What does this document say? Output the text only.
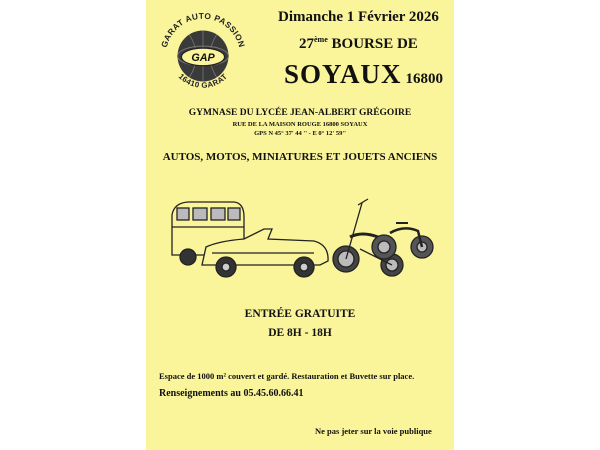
GAP
GARAT AUTO PASSION
16410 GARAT
Dimanche 1 Février 2026
27ème BOURSE DE
SOYAUX 16800
GYMNASE DU LYCÉE JEAN-ALBERT GRÉGOIRE
RUE DE LA MAISON ROUGE 16800 SOYAUX
GPS N 45° 37' 44 '' - E 0° 12' 59''
AUTOS, MOTOS, MINIATURES ET JOUETS ANCIENS
ENTRÉE GRATUITE
DE 8H - 18H
Espace de 1000 m² couvert et gardé. Restauration et Buvette sur place.
Renseignements au 05.45.60.66.41
Ne pas jeter sur la voie publique
